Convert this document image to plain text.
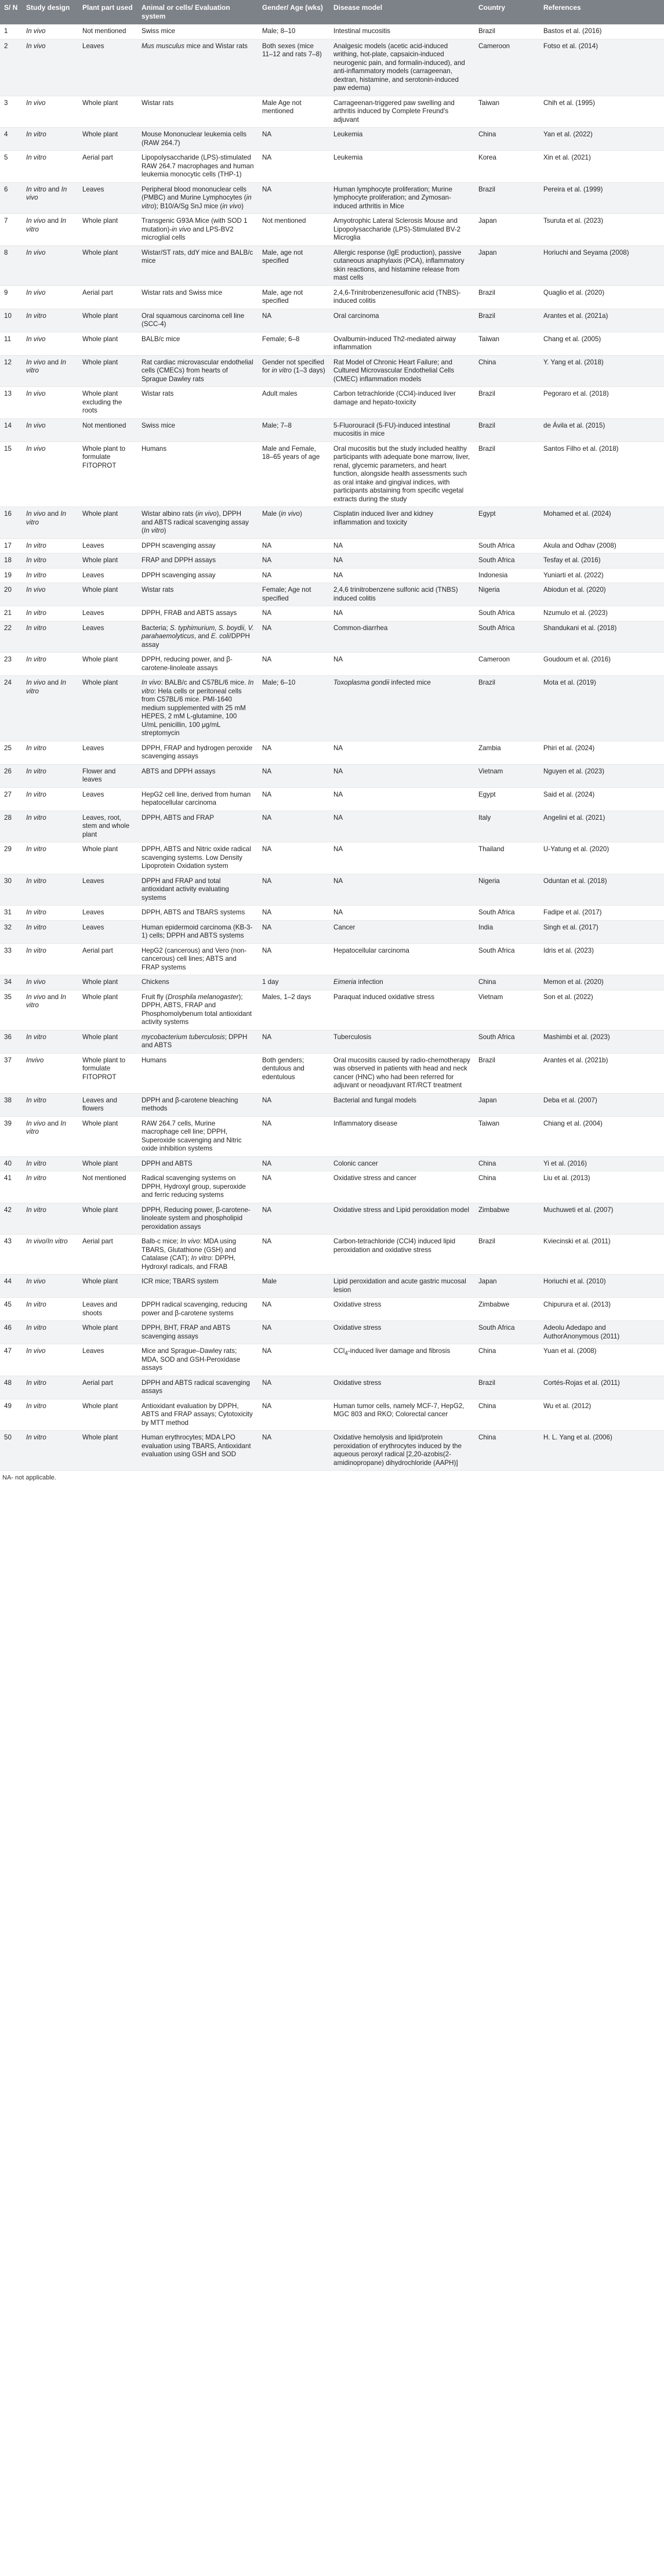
S/ N	Study design	Plant part used	Animal or cells/ Evaluation system	Gender/ Age (wks)	Disease model	Country	References
1	In vivo	Not mentioned	Swiss mice	Male; 8–10	Intestinal mucositis	Brazil	Bastos et al. (2016)
2	In vivo	Leaves	Mus musculus mice and Wistar rats	Both sexes (mice 11–12 and rats 7–8)	Analgesic models (acetic acid-induced writhing, hot-plate, capsaicin-induced neurogenic pain, and formalin-induced), and anti-inflammatory models (carrageenan, dextran, histamine, and serotonin-induced paw edema)	Cameroon	Fotso et al. (2014)
3	In vivo	Whole plant	Wistar rats	Male Age not mentioned	Carrageenan-triggered paw swelling and arthritis induced by Complete Freund's adjuvant	Taiwan	Chih et al. (1995)
4	In vitro	Whole plant	Mouse Mononuclear leukemia cells (RAW 264.7)	NA	Leukemia	China	Yan et al. (2022)
5	In vitro	Aerial part	Lipopolysaccharide (LPS)-stimulated RAW 264.7 macrophages and human leukemia monocytic cells (THP-1)	NA	Leukemia	Korea	Xin et al. (2021)
6	In vitro and In vivo	Leaves	Peripheral blood mononuclear cells (PMBC) and Murine Lymphocytes (in vitro); B10/A/Sg SnJ mice (in vivo)	NA	Human lymphocyte proliferation; Murine lymphocyte proliferation; and Zymosan-induced arthritis in Mice	Brazil	Pereira et al. (1999)
7	In vivo and In vitro	Whole plant	Transgenic G93A Mice (with SOD 1 mutation)-in vivo and LPS-BV2 microglial cells	Not mentioned	Amyotrophic Lateral Sclerosis Mouse and Lipopolysaccharide (LPS)-Stimulated BV-2 Microglia	Japan	Tsuruta et al. (2023)
8	In vivo	Whole plant	Wistar/ST rats, ddY mice and BALB/c mice	Male, age not specified	Allergic response (IgE production), passive cutaneous anaphylaxis (PCA), inflammatory skin reactions, and histamine release from mast cells	Japan	Horiuchi and Seyama (2008)
9	In vivo	Aerial part	Wistar rats and Swiss mice	Male, age not specified	2,4,6-Trinitrobenzenesulfonic acid (TNBS)-induced colitis	Brazil	Quaglio et al. (2020)
10	In vitro	Whole plant	Oral squamous carcinoma cell line (SCC-4)	NA	Oral carcinoma	Brazil	Arantes et al. (2021a)
11	In vivo	Whole plant	BALB/c mice	Female; 6–8	Ovalbumin-induced Th2-mediated airway inflammation	Taiwan	Chang et al. (2005)
12	In vivo and In vitro	Whole plant	Rat cardiac microvascular endothelial cells (CMECs) from hearts of Sprague Dawley rats	Gender not specified for in vitro (1–3 days)	Rat Model of Chronic Heart Failure; and Cultured Microvascular Endothelial Cells (CMEC) inflammation models	China	Y. Yang et al. (2018)
13	In vivo	Whole plant excluding the roots	Wistar rats	Adult males	Carbon tetrachloride (CCl4)-induced liver damage and hepato-toxicity	Brazil	Pegoraro et al. (2018)
14	In vivo	Not mentioned	Swiss mice	Male; 7–8	5-Fluorouracil (5-FU)-induced intestinal mucositis in mice	Brazil	de Ávila et al. (2015)
15	In vivo	Whole plant to formulate FITOPROT	Humans	Male and Female, 18–65 years of age	Oral mucositis but the study included healthy participants with adequate bone marrow, liver, renal, glycemic parameters, and heart function, alongside health assessments such as oral intake and gingival indices, with participants abstaining from specific vegetal extracts during the study	Brazil	Santos Filho et al. (2018)
16	In vivo and In vitro	Whole plant	Wistar albino rats (in vivo), DPPH and ABTS radical scavenging assay (In vitro)	Male (in vivo)	Cisplatin induced liver and kidney inflammation and toxicity	Egypt	Mohamed et al. (2024)
17	In vitro	Leaves	DPPH scavenging assay	NA	NA	South Africa	Akula and Odhav (2008)
18	In vitro	Whole plant	FRAP and DPPH assays	NA	NA	South Africa	Tesfay et al. (2016)
19	In vitro	Leaves	DPPH scavenging assay	NA	NA	Indonesia	Yuniarti et al. (2022)
20	In vivo	Whole plant	Wistar rats	Female; Age not specified	2,4,6 trinitrobenzene sulfonic acid (TNBS) induced colitis	Nigeria	Abiodun et al. (2020)
21	In vitro	Leaves	DPPH, FRAB and ABTS assays	NA	NA	South Africa	Nzumulo et al. (2023)
22	In vitro	Leaves	Bacteria; S. typhimurium, S. boydii, V. parahaemolyticus, and E. coli/DPPH assay	NA	Common-diarrhea	South Africa	Shandukani et al. (2018)
23	In vitro	Whole plant	DPPH, reducing power, and β-carotene-linoleate assays	NA	NA	Cameroon	Goudoum et al. (2016)
24	In vivo and In vitro	Whole plant	In vivo: BALB/c and C57BL/6 mice. In vitro: Hela cells or peritoneal cells from C57BL/6 mice. PMI-1640 medium supplemented with 25 mM HEPES, 2 mM L-glutamine, 100 U/mL penicillin, 100 μg/mL streptomycin	Male; 6–10	Toxoplasma gondii infected mice	Brazil	Mota et al. (2019)
25	In vitro	Leaves	DPPH, FRAP and hydrogen peroxide scavenging assays	NA	NA	Zambia	Phiri et al. (2024)
26	In vitro	Flower and leaves	ABTS and DPPH assays	NA	NA	Vietnam	Nguyen et al. (2023)
27	In vitro	Leaves	HepG2 cell line, derived from human hepatocellular carcinoma	NA	NA	Egypt	Said et al. (2024)
28	In vitro	Leaves, root, stem and whole plant	DPPH, ABTS and FRAP	NA	NA	Italy	Angelini et al. (2021)
29	In vitro	Whole plant	DPPH, ABTS and Nitric oxide radical scavenging systems. Low Density Lipoprotein Oxidation system	NA	NA	Thailand	U-Yatung et al. (2020)
30	In vitro	Leaves	DPPH and FRAP and total antioxidant activity evaluating systems	NA	NA	Nigeria	Oduntan et al. (2018)
31	In vitro	Leaves	DPPH, ABTS and TBARS systems	NA	NA	South Africa	Fadipe et al. (2017)
32	In vitro	Leaves	Human epidermoid carcinoma (KB-3-1) cells; DPPH and ABTS systems	NA	Cancer	India	Singh et al. (2017)
33	In vitro	Aerial part	HepG2 (cancerous) and Vero (non-cancerous) cell lines; ABTS and FRAP systems	NA	Hepatocellular carcinoma	South Africa	Idris et al. (2023)
34	In vivo	Whole plant	Chickens	1 day	Eimeria infection	China	Memon et al. (2020)
35	In vivo and In vitro	Whole plant	Fruit fly (Drosphila melanogaster); DPPH, ABTS, FRAP and Phosphomolybenum total antioxidant activity systems	Males, 1–2 days	Paraquat induced oxidative stress	Vietnam	Son et al. (2022)
36	In vitro	Whole plant	mycobacterium tuberculosis; DPPH and ABTS	NA	Tuberculosis	South Africa	Mashimbi et al. (2023)
37	Invivo	Whole plant to formulate FITOPROT	Humans	Both genders; dentulous and edentulous	Oral mucositis caused by radio-chemotherapy was observed in patients with head and neck cancer (HNC) who had been referred for adjuvant or neoadjuvant RT/RCT treatment	Brazil	Arantes et al. (2021b)
38	In vitro	Leaves and flowers	DPPH and β-carotene bleaching methods	NA	Bacterial and fungal models	Japan	Deba et al. (2007)
39	In vivo and In vitro	Whole plant	RAW 264.7 cells, Murine macrophage cell line; DPPH, Superoxide scavenging and Nitric oxide inhibition systems	NA	Inflammatory disease	Taiwan	Chiang et al. (2004)
40	In vitro	Whole plant	DPPH and ABTS	NA	Colonic cancer	China	Yi et al. (2016)
41	In vitro	Not mentioned	Radical scavenging systems on DPPH, Hydroxyl group, superoxide and ferric reducing systems	NA	Oxidative stress and cancer	China	Liu et al. (2013)
42	In vitro	Whole plant	DPPH, Reducing power, β-carotene-linoleate system and phospholipid peroxidation assays	NA	Oxidative stress and Lipid peroxidation model	Zimbabwe	Muchuweti et al. (2007)
43	In vivo/In vitro	Aerial part	Balb-c mice; In vivo: MDA using TBARS, Glutathione (GSH) and Catalase (CAT); In vitro: DPPH, Hydroxyl radicals, and FRAB	NA	Carbon-tetrachloride (CCl4) induced lipid peroxidation and oxidative stress	Brazil	Kviecinski et al. (2011)
44	In vivo	Whole plant	ICR mice; TBARS system	Male	Lipid peroxidation and acute gastric mucosal lesion	Japan	Horiuchi et al. (2010)
45	In vitro	Leaves and shoots	DPPH radical scavenging, reducing power and β-carotene systems	NA	Oxidative stress	Zimbabwe	Chipurura et al. (2013)
46	In vitro	Whole plant	DPPH, BHT, FRAP and ABTS scavenging assays	NA	Oxidative stress	South Africa	Adeolu Adedapo and AuthorAnonymous (2011)
47	In vivo	Leaves	Mice and Sprague–Dawley rats; MDA, SOD and GSH-Peroxidase assays	NA	CCl$_4$-induced liver damage and fibrosis	China	Yuan et al. (2008)
48	In vitro	Aerial part	DPPH and ABTS radical scavenging assays	NA	Oxidative stress	Brazil	Cortés-Rojas et al. (2011)
49	In vitro	Whole plant	Antioxidant evaluation by DPPH, ABTS and FRAP assays; Cytotoxicity by MTT method	NA	Human tumor cells, namely MCF-7, HepG2, MGC 803 and RKO; Colorectal cancer	China	Wu et al. (2012)
50	In vitro	Whole plant	Human erythrocytes; MDA LPO evaluation using TBARS, Antioxidant evaluation using GSH and SOD	NA	Oxidative hemolysis and lipid/protein peroxidation of erythrocytes induced by the aqueous peroxyl radical [2,20-azobis(2-amidinopropane) dihydrochloride (AAPH)]	China	H. L. Yang et al. (2006)
NA- not applicable.
